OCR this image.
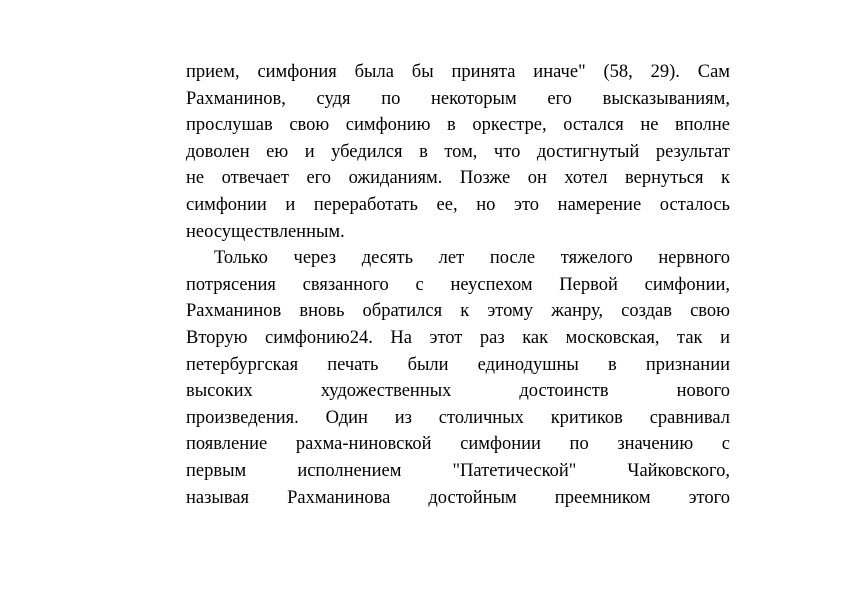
прием, симфония была бы принята иначе" (58, 29). Сам
Рахманинов, судя по некоторым его высказываниям,
прослушав свою симфонию в оркестре, остался не вполне
доволен ею и убедился в том, что достигнутый результат
не отвечает его ожиданиям. Позже он хотел вернуться к
симфонии и переработать ее, но это намерение осталось
неосуществленным.
Только через десять лет после тяжелого нервного
потрясения связанного с неуспехом Первой симфонии,
Рахманинов вновь обратился к этому жанру, создав свою
Вторую симфонию24. На этот раз как московская, так и
петербургская печать были единодушны в признании
высоких художественных достоинств нового
произведения. Один из столичных критиков сравнивал
появление рахма-ниновской симфонии по значению с
первым исполнением "Патетической" Чайковского,
называя Рахманинова достойным преемником этого
